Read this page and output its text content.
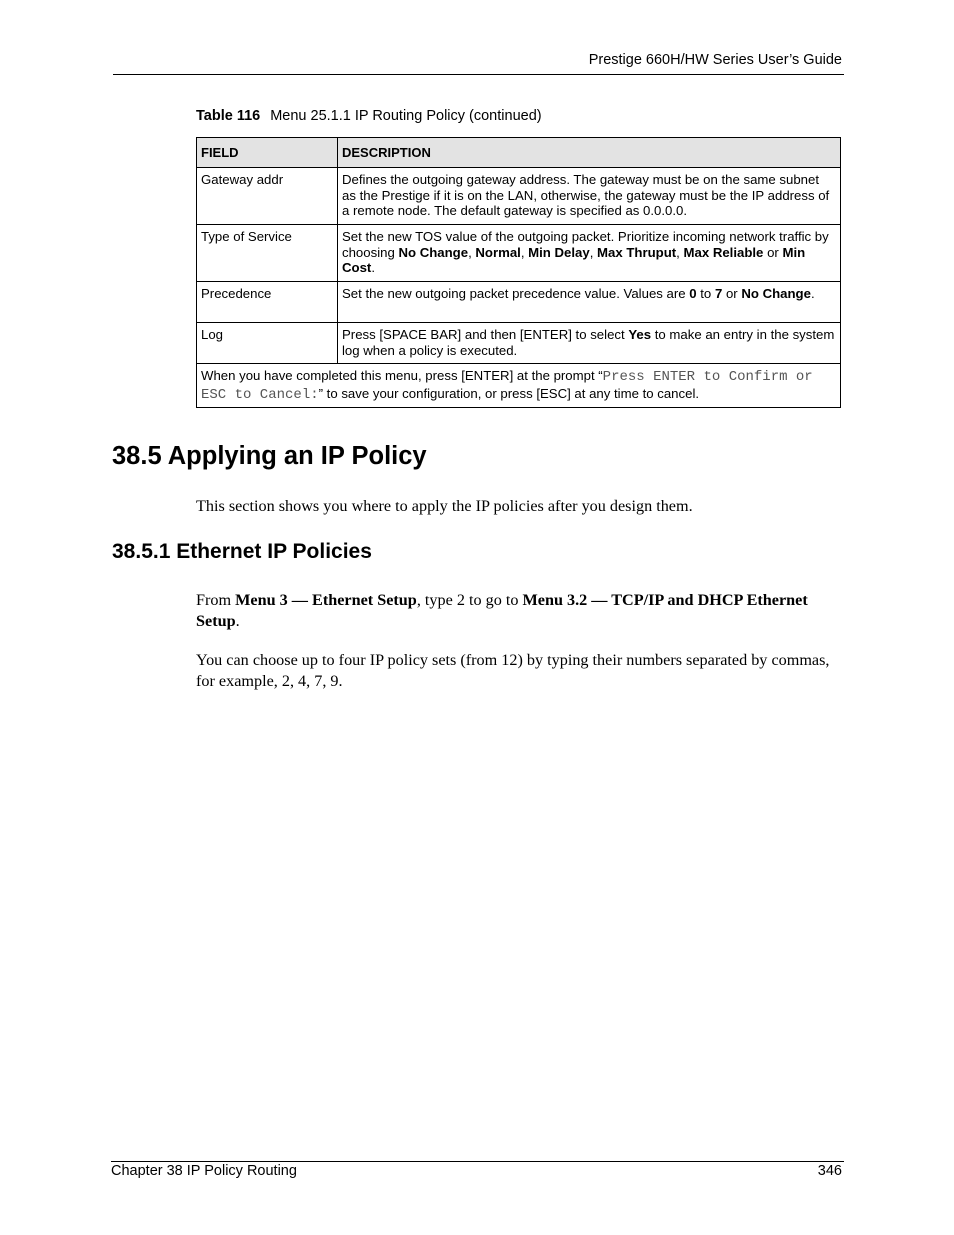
Prestige 660H/HW Series User’s Guide
Table 116 Menu 25.1.1 IP Routing Policy (continued)
FIELD	DESCRIPTION
Gateway addr	Defines the outgoing gateway address. The gateway must be on the same subnet as the Prestige if it is on the LAN, otherwise, the gateway must be the IP address of a remote node. The default gateway is specified as 0.0.0.0.
Type of Service	Set the new TOS value of the outgoing packet. Prioritize incoming network traffic by choosing No Change, Normal, Min Delay, Max Thruput, Max Reliable or Min Cost.
Precedence	Set the new outgoing packet precedence value. Values are 0 to 7 or No Change.
Log	Press [SPACE BAR] and then [ENTER] to select Yes to make an entry in the system log when a policy is executed.
When you have completed this menu, press [ENTER] at the prompt “Press ENTER to Confirm or ESC to Cancel:” to save your configuration, or press [ESC] at any time to cancel.	
38.5 Applying an IP Policy
This section shows you where to apply the IP policies after you design them.
38.5.1 Ethernet IP Policies
From Menu 3 — Ethernet Setup, type 2 to go to Menu 3.2 — TCP/IP and DHCP Ethernet Setup.
You can choose up to four IP policy sets (from 12) by typing their numbers separated by commas, for example, 2, 4, 7, 9.
Chapter 38 IP Policy Routing	346
